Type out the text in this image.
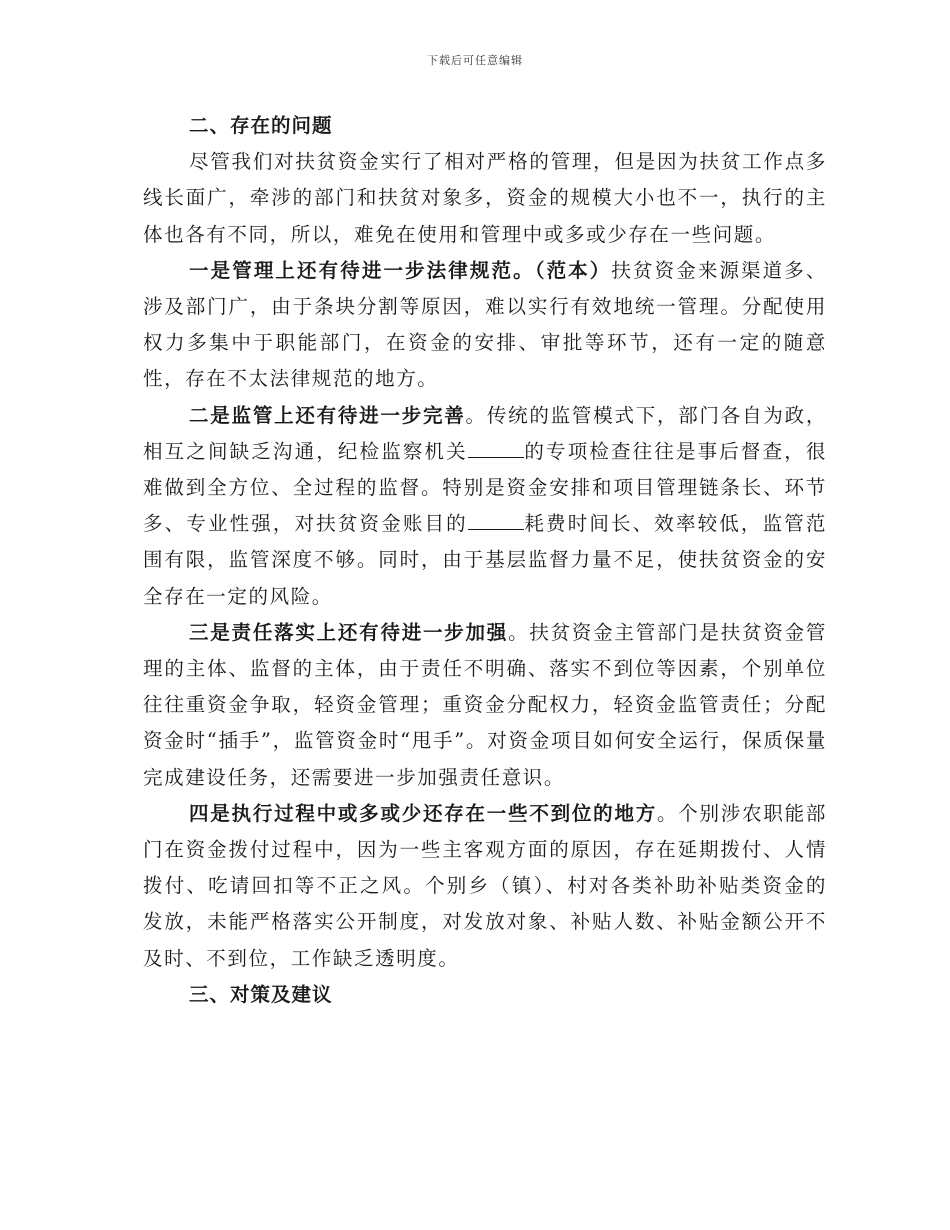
下载后可任意编辑

二、存在的问题

尽管我们对扶贫资金实行了相对严格的管理，但是因为扶贫工作点多线长面广，牵涉的部门和扶贫对象多，资金的规模大小也不一，执行的主体也各有不同，所以，难免在使用和管理中或多或少存在一些问题。

一是管理上还有待进一步法律规范。（范本）扶贫资金来源渠道多、涉及部门广，由于条块分割等原因，难以实行有效地统一管理。分配使用权力多集中于职能部门，在资金的安排、审批等环节，还有一定的随意性，存在不太法律规范的地方。

二是监管上还有待进一步完善。传统的监管模式下，部门各自为政，相互之间缺乏沟通，纪检监察机关	的专项检查往往是事后督查，很难做到全方位、全过程的监督。特别是资金安排和项目管理链条长、环节多、专业性强，对扶贫资金账目的	耗费时间长、效率较低，监管范围有限，监管深度不够。同时，由于基层监督力量不足，使扶贫资金的安全存在一定的风险。

三是责任落实上还有待进一步加强。扶贫资金主管部门是扶贫资金管理的主体、监督的主体，由于责任不明确、落实不到位等因素，个别单位往往重资金争取，轻资金管理；重资金分配权力，轻资金监管责任；分配资金时“插手”，监管资金时“甩手”。对资金项目如何安全运行，保质保量完成建设任务，还需要进一步加强责任意识。

四是执行过程中或多或少还存在一些不到位的地方。个别涉农职能部门在资金拨付过程中，因为一些主客观方面的原因，存在延期拨付、人情拨付、吃请回扣等不正之风。个别乡（镇）、村对各类补助补贴类资金的发放，未能严格落实公开制度，对发放对象、补贴人数、补贴金额公开不及时、不到位，工作缺乏透明度。

三、对策及建议
